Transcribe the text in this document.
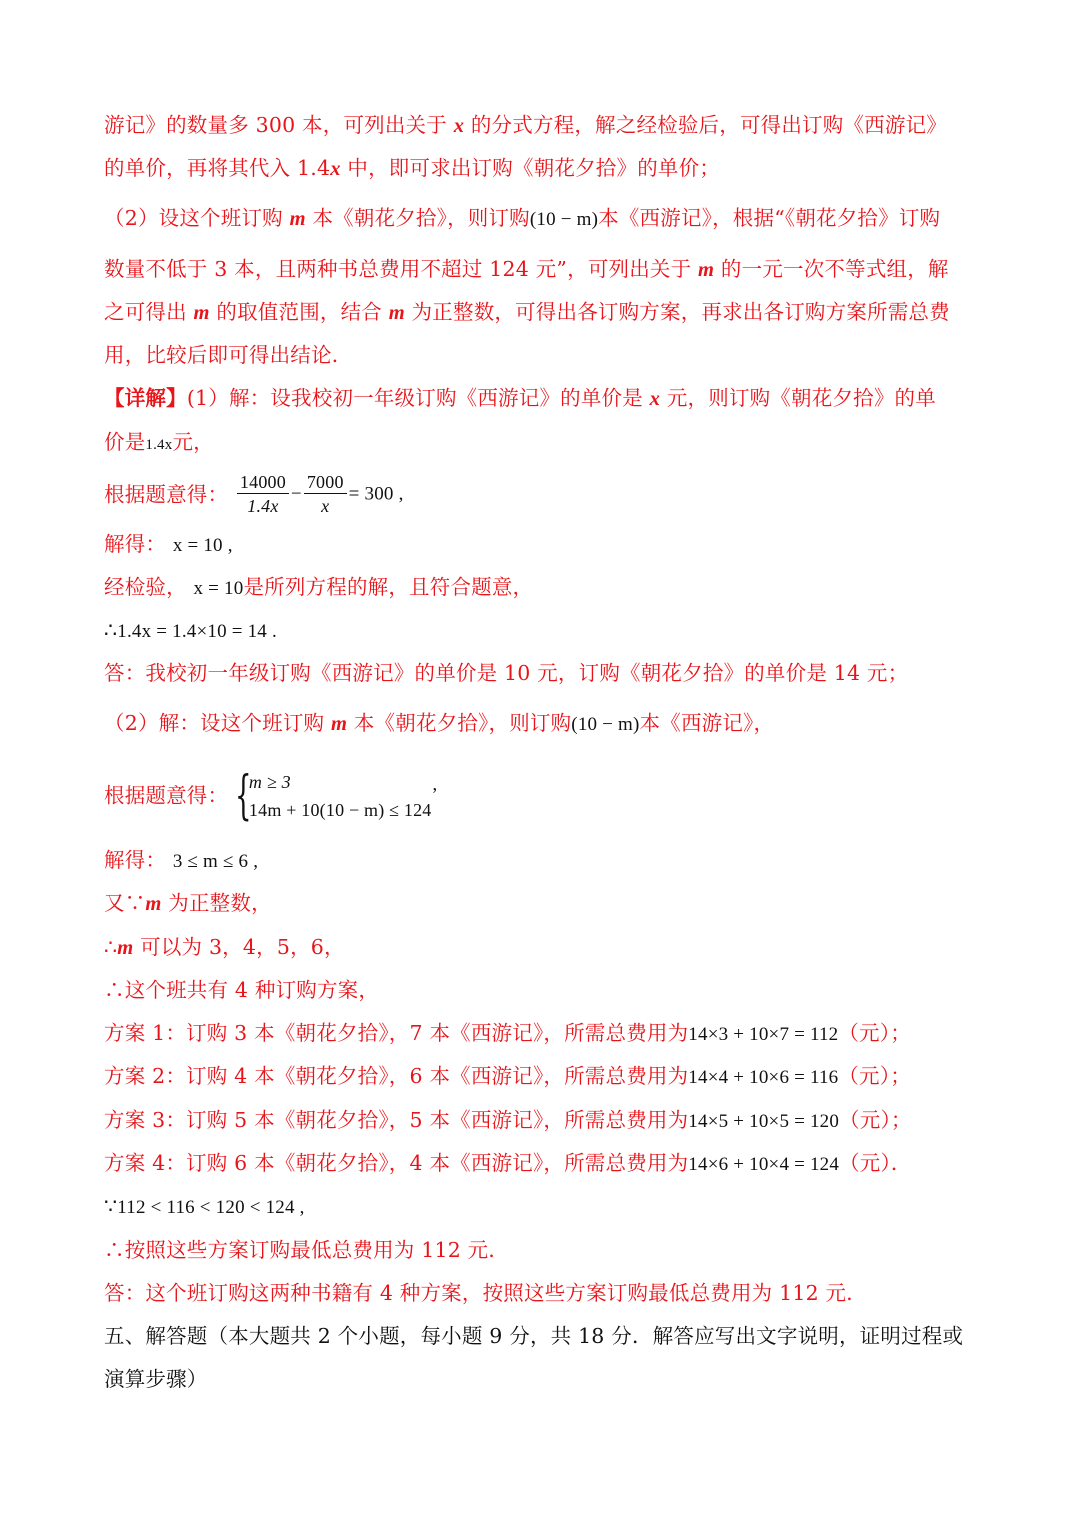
游记》的数量多 300 本，可列出关于 x 的分式方程，解之经检验后，可得出订购《西游记》
的单价，再将其代入 1.4x 中，即可求出订购《朝花夕拾》的单价；
（2）设这个班订购 m 本《朝花夕拾》，则订购(10 − m)本《西游记》，根据“《朝花夕拾》订购
数量不低于 3 本，且两种书总费用不超过 124 元”，可列出关于 m 的一元一次不等式组，解
之可得出 m 的取值范围，结合 m 为正整数，可得出各订购方案，再求出各订购方案所需总费
用，比较后即可得出结论．
【详解】(1）解：设我校初一年级订购《西游记》的单价是 x 元，则订购《朝花夕拾》的单
价是1.4x元，
根据题意得： $\frac{14000}{1.4x} - \frac{7000}{x} = 300$ ,
解得： x = 10 ,
经检验， x = 10是所列方程的解，且符合题意，
∴1.4x = 1.4×10 = 14 .
答：我校初一年级订购《西游记》的单价是 10 元，订购《朝花夕拾》的单价是 14 元；
（2）解：设这个班订购 m 本《朝花夕拾》，则订购(10 − m)本《西游记》，
根据题意得： {
m ≥ 3
14m + 10(10 − m) ≤ 124
’
解得： 3 ≤ m ≤ 6 ,
又∵m 为正整数，
∴m 可以为 3，4，5，6，
∴这个班共有 4 种订购方案，
方案 1：订购 3 本《朝花夕拾》，7 本《西游记》，所需总费用为14×3 + 10×7 = 112（元）；
方案 2：订购 4 本《朝花夕拾》，6 本《西游记》，所需总费用为14×4 + 10×6 = 116（元）；
方案 3：订购 5 本《朝花夕拾》，5 本《西游记》，所需总费用为14×5 + 10×5 = 120（元）；
方案 4：订购 6 本《朝花夕拾》，4 本《西游记》，所需总费用为14×6 + 10×4 = 124（元）．
∵112 < 116 < 120 < 124 ,
∴按照这些方案订购最低总费用为 112 元．
答：这个班订购这两种书籍有 4 种方案，按照这些方案订购最低总费用为 112 元．
五、解答题（本大题共 2 个小题，每小题 9 分，共 18 分．解答应写出文字说明，证明过程或
演算步骤）
